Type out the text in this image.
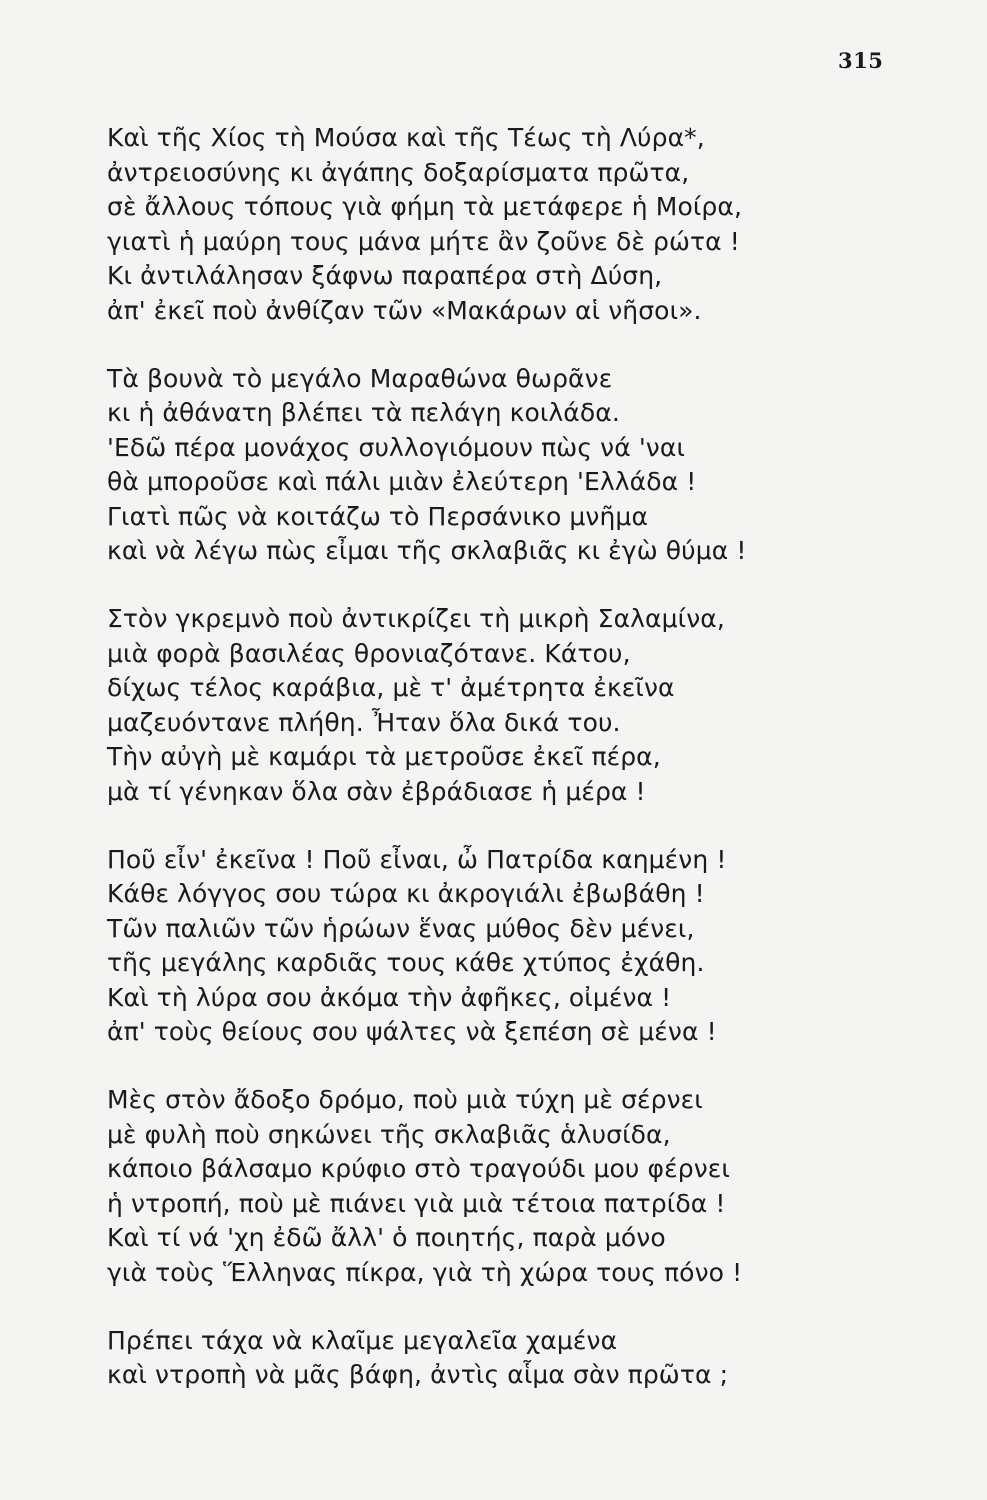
315
Καὶ τῆς Χίος τὴ Μούσα καὶ τῆς Τέως τὴ Λύρα*,
ἀντρειοσύνης κι ἀγάπης δοξαρίσματα πρῶτα,
σὲ ἄλλους τόπους γιὰ φήμη τὰ μετάφερε ἡ Μοίρα,
γιατὶ ἡ μαύρη τους μάνα μήτε ἂν ζοῦνε δὲ ρώτα !
Κι ἀντιλάλησαν ξάφνω παραπέρα στὴ Δύση,
ἀπ' ἐκεῖ ποὺ ἀνθίζαν τῶν «Μακάρων αἱ νῆσοι».
Τὰ βουνὰ τὸ μεγάλο Μαραθώνα θωρᾶνε
κι ἡ ἀθάνατη βλέπει τὰ πελάγη κοιλάδα.
'Εδῶ πέρα μονάχος συλλογιόμουν πὼς νά 'ναι
θὰ μποροῦσε καὶ πάλι μιὰν ἐλεύτερη 'Ελλάδα !
Γιατὶ πῶς νὰ κοιτάζω τὸ Περσάνικο μνῆμα
καὶ νὰ λέγω πὼς εἶμαι τῆς σκλαβιᾶς κι ἐγὼ θύμα !
Στὸν γκρεμνὸ ποὺ ἀντικρίζει τὴ μικρὴ Σαλαμίνα,
μιὰ φορὰ βασιλέας θρονιαζότανε. Κάτου,
δίχως τέλος καράβια, μὲ τ' ἀμέτρητα ἐκεῖνα
μαζευόντανε πλήθη. Ἦταν ὅλα δικά του.
Τὴν αὐγὴ μὲ καμάρι τὰ μετροῦσε ἐκεῖ πέρα,
μὰ τί γένηκαν ὅλα σὰν ἐβράδιασε ἡ μέρα !
Ποῦ εἶν' ἐκεῖνα ! Ποῦ εἶναι, ὦ Πατρίδα καημένη !
Κάθε λόγγος σου τώρα κι ἀκρογιάλι ἐβωβάθη !
Τῶν παλιῶν τῶν ἡρώων ἕνας μύθος δὲν μένει,
τῆς μεγάλης καρδιᾶς τους κάθε χτύπος ἐχάθη.
Καὶ τὴ λύρα σου ἀκόμα τὴν ἀφῆκες, οἰμένα !
ἀπ' τοὺς θείους σου ψάλτες νὰ ξεπέση σὲ μένα !
Μὲς στὸν ἄδοξο δρόμο, ποὺ μιὰ τύχη μὲ σέρνει
μὲ φυλὴ ποὺ σηκώνει τῆς σκλαβιᾶς ἁλυσίδα,
κάποιο βάλσαμο κρύφιο στὸ τραγούδι μου φέρνει
ἡ ντροπή, ποὺ μὲ πιάνει γιὰ μιὰ τέτοια πατρίδα !
Καὶ τί νά 'χη ἐδῶ ἄλλ' ὁ ποιητής, παρὰ μόνο
γιὰ τοὺς Ἕλληνας πίκρα, γιὰ τὴ χώρα τους πόνο !
Πρέπει τάχα νὰ κλαῖμε μεγαλεῖα χαμένα
καὶ ντροπὴ νὰ μᾶς βάφη, ἀντὶς αἷμα σὰν πρῶτα ;
